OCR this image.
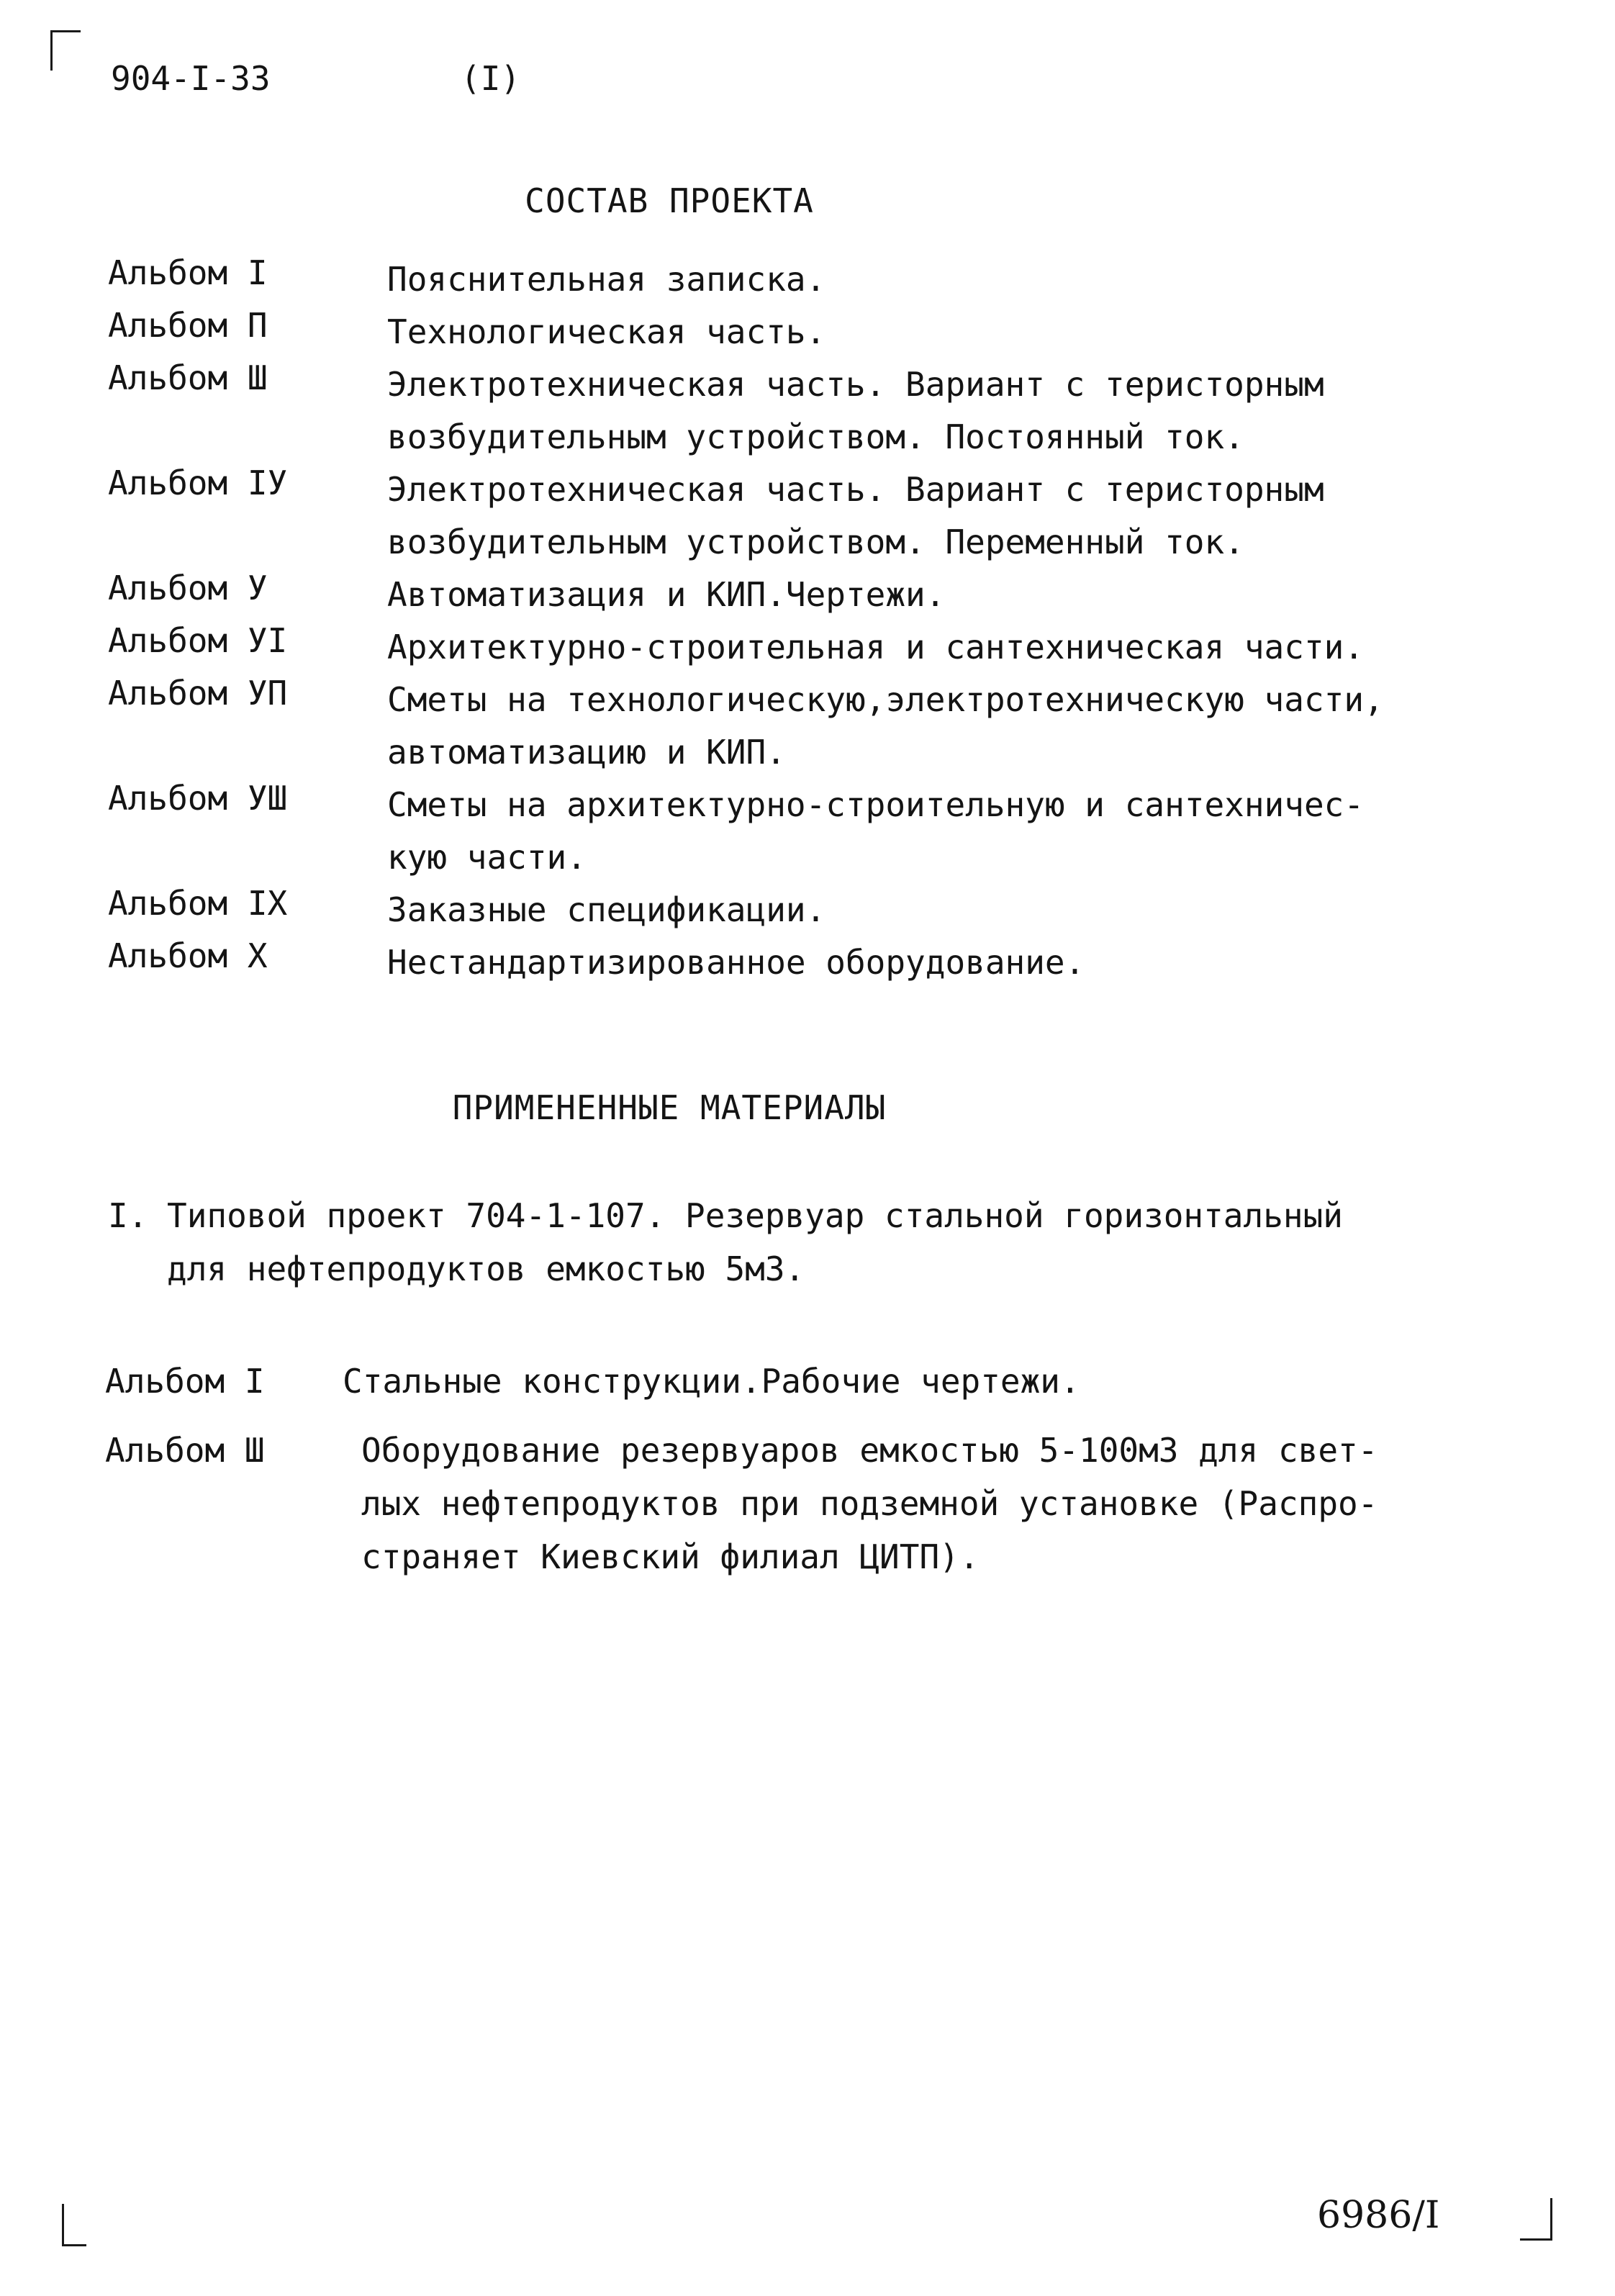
904-I-33	(I)
СОСТАВ ПРОЕКТА
Альбом I	Пояснительная записка.
Альбом П	Технологическая часть.
Альбом Ш	Электротехническая часть. Вариант с теристорным
возбудительным устройством. Постоянный ток.
Альбом IУ	Электротехническая часть. Вариант с теристорным
возбудительным устройством. Переменный ток.
Альбом У	Автоматизация и КИП.Чертежи.
Альбом УI	Архитектурно-строительная и сантехническая части.
Альбом УП	Сметы на технологическую,электротехническую части,
автоматизацию и КИП.
Альбом УШ	Сметы на архитектурно-строительную и сантехничес-
кую части.
Альбом IХ	Заказные спецификации.
Альбом Х	Нестандартизированное оборудование.
ПРИМЕНЕННЫЕ МАТЕРИАЛЫ
I. Типовой проект 704-1-107. Резервуар стальной горизонтальный
для нефтепродуктов емкостью 5м3.
Альбом I Стальные конструкции.Рабочие чертежи.
Альбом Ш	Оборудование резервуаров емкостью 5-100м3 для свет-
лых нефтепродуктов при подземной установке (Распро-
страняет Киевский филиал ЦИТП).
6986/I
